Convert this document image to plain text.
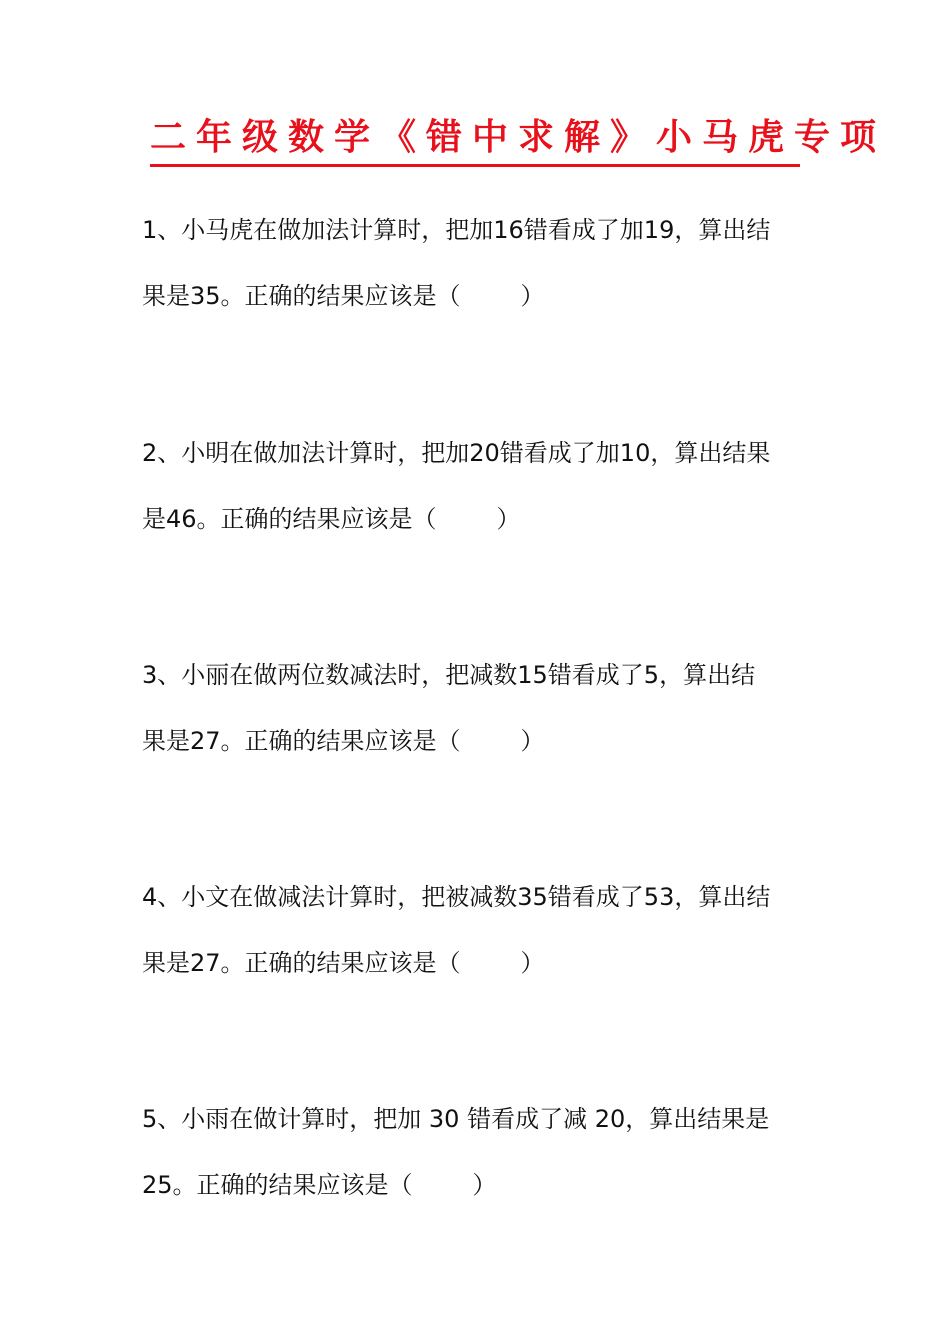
二年级数学《错中求解》小马虎专项
1、小马虎在做加法计算时，把加16错看成了加19，算出结
果是35。正确的结果应该是（	）
2、小明在做加法计算时，把加20错看成了加10，算出结果
是46。正确的结果应该是（	）
3、小丽在做两位数减法时，把减数15错看成了5，算出结
果是27。正确的结果应该是（	）
4、小文在做减法计算时，把被减数35错看成了53，算出结
果是27。正确的结果应该是（	）
5、小雨在做计算时，把加 30 错看成了减 20，算出结果是
25。正确的结果应该是（	）
